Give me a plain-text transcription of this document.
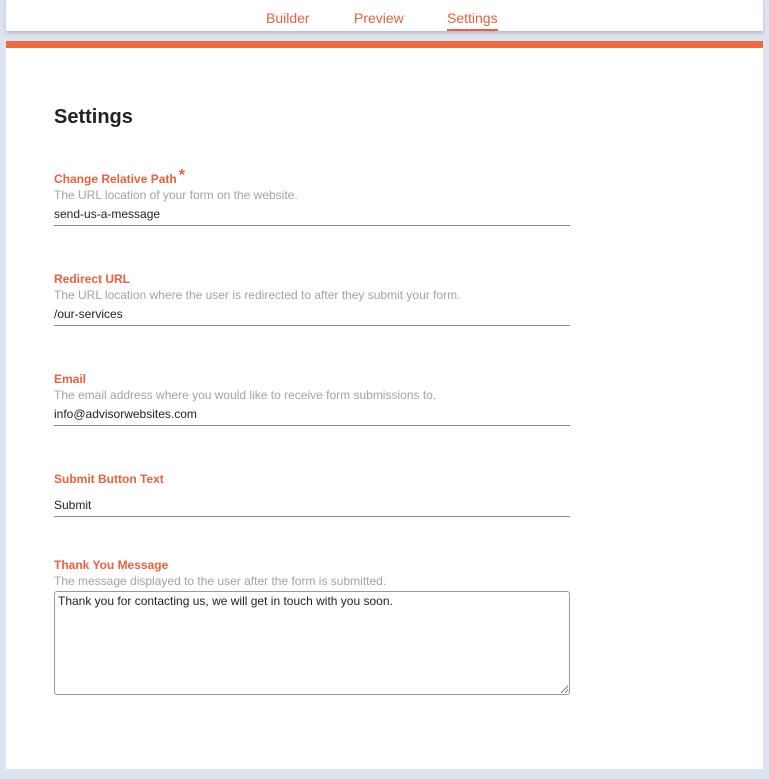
Builder	Preview	Settings
Settings
Change Relative Path *
The URL location of your form on the website.
send-us-a-message
Redirect URL
The URL location where the user is redirected to after they submit your form.
/our-services
Email
The email address where you would like to receive form submissions to.
info@advisorwebsites.com
Submit Button Text
Submit
Thank You Message
The message displayed to the user after the form is submitted.
Thank you for contacting us, we will get in touch with you soon.
